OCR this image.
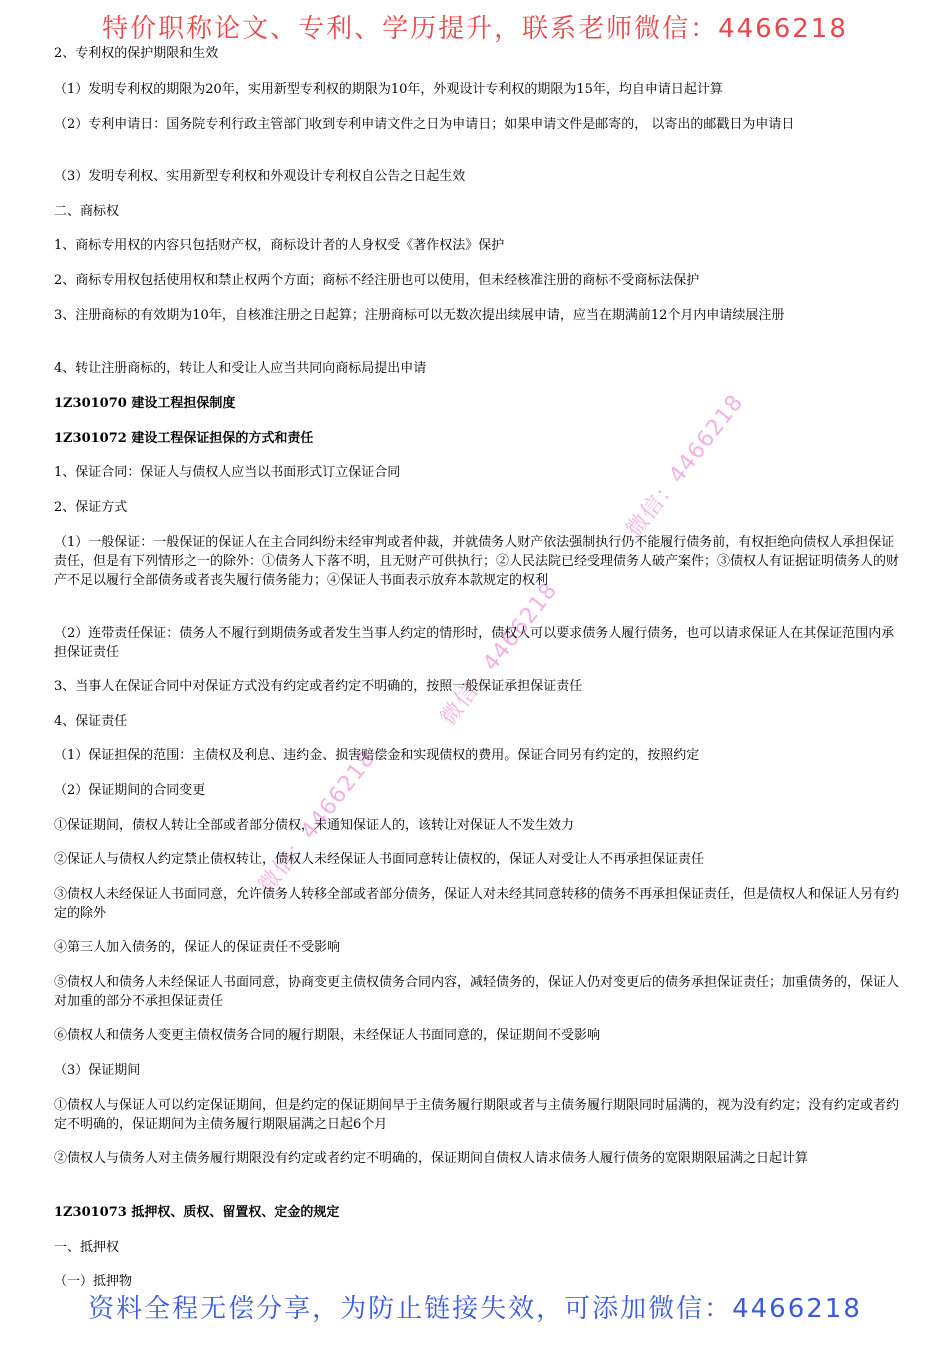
特价职称论文、专利、学历提升，联系老师微信：4466218
微信：4466218
微信：4466218
微信：4466218

2、专利权的保护期限和生效

（1）发明专利权的期限为20年，实用新型专利权的期限为10年，外观设计专利权的期限为15年，均自申请日起计算

（2）专利申请日：国务院专利行政主管部门收到专利申请文件之日为申请日；如果申请文件是邮寄的， 以寄出的邮戳日为申请日

（3）发明专利权、实用新型专利权和外观设计专利权自公告之日起生效

二、商标权

1、商标专用权的内容只包括财产权，商标设计者的人身权受《著作权法》保护

2、商标专用权包括使用权和禁止权两个方面；商标不经注册也可以使用，但未经核准注册的商标不受商标法保护

3、注册商标的有效期为10年，自核准注册之日起算；注册商标可以无数次提出续展申请，应当在期满前12个月内申请续展注册

4、转让注册商标的，转让人和受让人应当共同向商标局提出申请

1Z301070 建设工程担保制度

1Z301072 建设工程保证担保的方式和责任

1、保证合同：保证人与债权人应当以书面形式订立保证合同

2、保证方式

（1）一般保证：一般保证的保证人在主合同纠纷未经审判或者仲裁，并就债务人财产依法强制执行仍不能履行债务前，有权拒绝向债权人承担保证责任，但是有下列情形之一的除外：①债务人下落不明，且无财产可供执行；②人民法院已经受理债务人破产案件；③债权人有证据证明债务人的财产不足以履行全部债务或者丧失履行债务能力；④保证人书面表示放弃本款规定的权利

（2）连带责任保证：债务人不履行到期债务或者发生当事人约定的情形时，债权人可以要求债务人履行债务，也可以请求保证人在其保证范围内承担保证责任

3、当事人在保证合同中对保证方式没有约定或者约定不明确的，按照一般保证承担保证责任

4、保证责任

（1）保证担保的范围：主债权及利息、违约金、损害赔偿金和实现债权的费用。保证合同另有约定的，按照约定

（2）保证期间的合同变更

①保证期间，债权人转让全部或者部分债权，未通知保证人的，该转让对保证人不发生效力

②保证人与债权人约定禁止债权转让，债权人未经保证人书面同意转让债权的，保证人对受让人不再承担保证责任

③债权人未经保证人书面同意，允许债务人转移全部或者部分债务，保证人对未经其同意转移的债务不再承担保证责任，但是债权人和保证人另有约定的除外

④第三人加入债务的，保证人的保证责任不受影响

⑤债权人和债务人未经保证人书面同意，协商变更主债权债务合同内容，减轻债务的，保证人仍对变更后的债务承担保证责任；加重债务的，保证人对加重的部分不承担保证责任

⑥债权人和债务人变更主债权债务合同的履行期限，未经保证人书面同意的，保证期间不受影响

（3）保证期间

①债权人与保证人可以约定保证期间，但是约定的保证期间早于主债务履行期限或者与主债务履行期限同时届满的，视为没有约定；没有约定或者约定不明确的，保证期间为主债务履行期限届满之日起6个月

②债权人与债务人对主债务履行期限没有约定或者约定不明确的，保证期间自债权人请求债务人履行债务的宽限期限届满之日起计算

1Z301073 抵押权、质权、留置权、定金的规定

一、抵押权

（一）抵押物

资料全程无偿分享，为防止链接失效，可添加微信：4466218
